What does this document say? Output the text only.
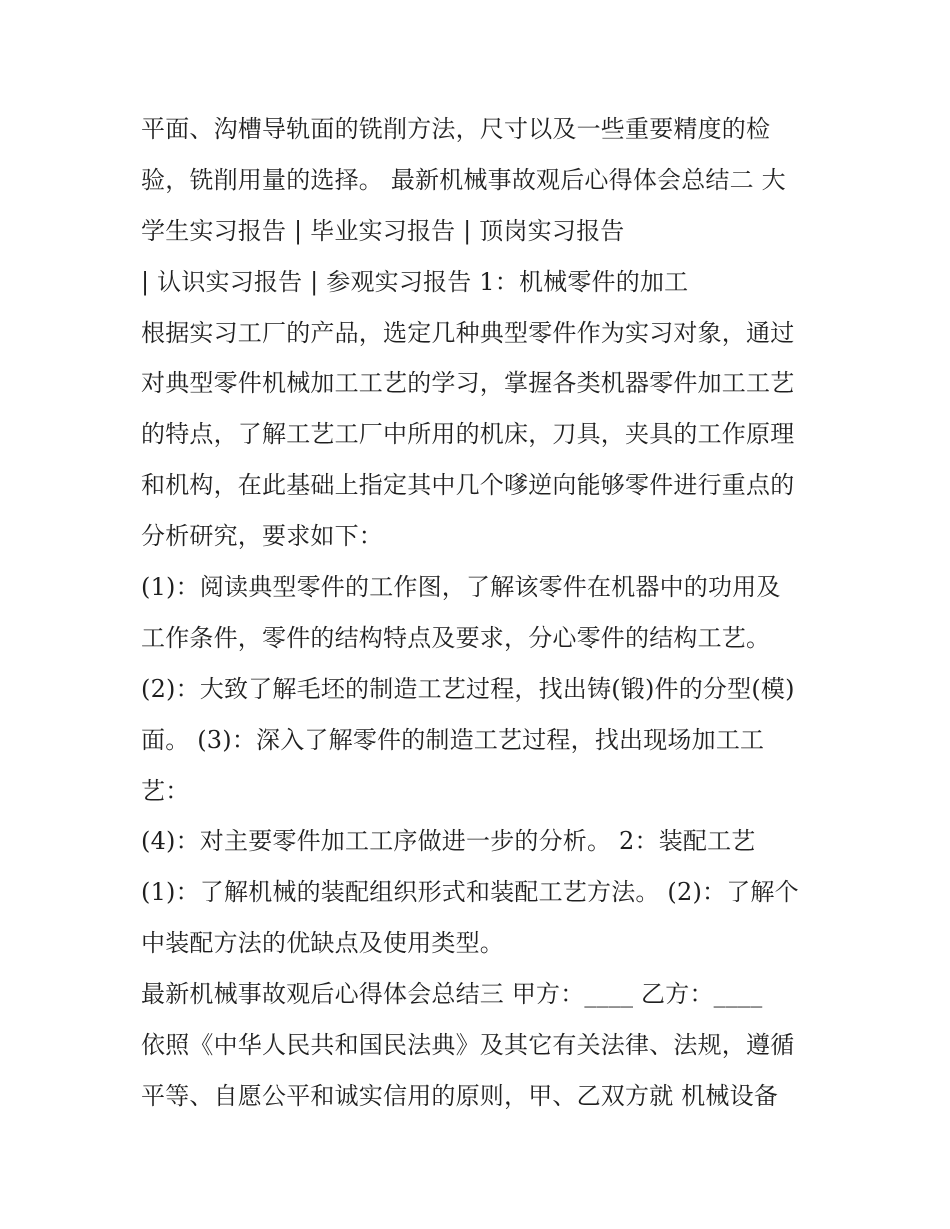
平面、沟槽导轨面的铣削方法，尺寸以及一些重要精度的检
验，铣削用量的选择。 最新机械事故观后心得体会总结二 大
学生实习报告 | 毕业实习报告 | 顶岗实习报告
| 认识实习报告 | 参观实习报告 1：机械零件的加工
根据实习工厂的产品，选定几种典型零件作为实习对象，通过
对典型零件机械加工工艺的学习，掌握各类机器零件加工工艺
的特点，了解工艺工厂中所用的机床，刀具，夹具的工作原理
和机构，在此基础上指定其中几个嗲逆向能够零件进行重点的
分析研究，要求如下：
(1)：阅读典型零件的工作图，了解该零件在机器中的功用及
工作条件，零件的结构特点及要求，分心零件的结构工艺。
(2)：大致了解毛坯的制造工艺过程，找出铸(锻)件的分型(模)
面。 (3)：深入了解零件的制造工艺过程，找出现场加工工
艺：
(4)：对主要零件加工工序做进一步的分析。 2：装配工艺
(1)：了解机械的装配组织形式和装配工艺方法。 (2)：了解个
中装配方法的优缺点及使用类型。
最新机械事故观后心得体会总结三 甲方：____ 乙方：____
依照《中华人民共和国民法典》及其它有关法律、法规，遵循
平等、自愿公平和诚实信用的原则，甲、乙双方就 机械设备
